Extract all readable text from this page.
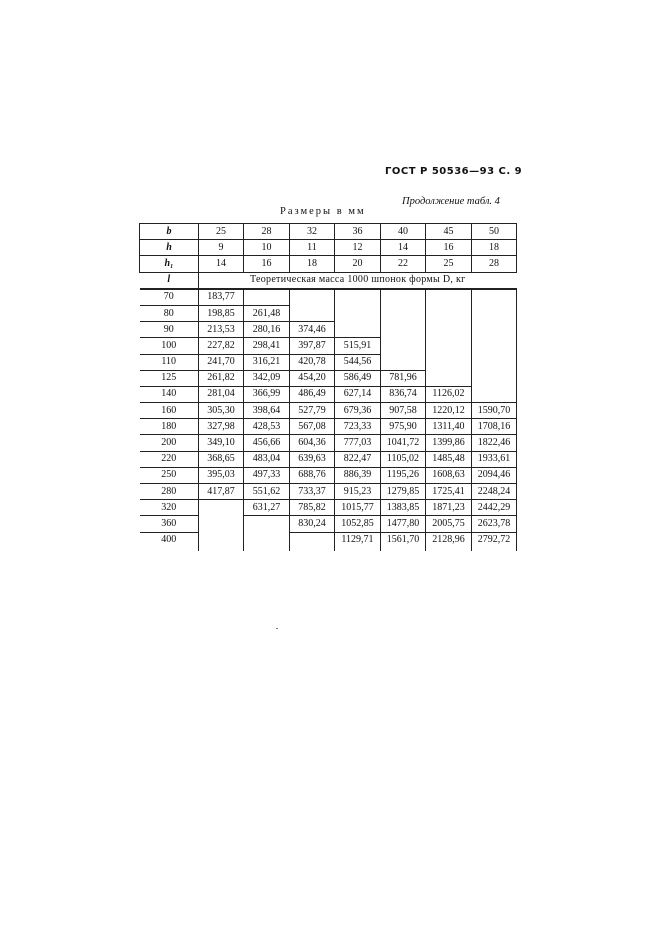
ГОСТ Р 50536—93 С. 9
Продолжение табл. 4
Размеры в мм
b	25	28	32	36	40	45	50
h	9	10	11	12	14	16	18
h₁	14	16	18	20	22	25	28
l	Теоретическая масса 1000 шпонок формы D, кг						
70	183,77						
80	198,85	261,48					
90	213,53	280,16	374,46				
100	227,82	298,41	397,87	515,91			
110	241,70	316,21	420,78	544,56			
125	261,82	342,09	454,20	586,49	781,96		
140	281,04	366,99	486,49	627,14	836,74	1126,02	
160	305,30	398,64	527,79	679,36	907,58	1220,12	1590,70
180	327,98	428,53	567,08	723,33	975,90	1311,40	1708,16
200	349,10	456,66	604,36	777,03	1041,72	1399,86	1822,46
220	368,65	483,04	639,63	822,47	1105,02	1485,48	1933,61
250	395,03	497,33	688,76	886,39	1195,26	1608,63	2094,46
280	417,87	551,62	733,37	915,23	1279,85	1725,41	2248,24
320		631,27	785,82	1015,77	1383,85	1871,23	2442,29
360			830,24	1052,85	1477,80	2005,75	2623,78
400				1129,71	1561,70	2128,96	2792,72
